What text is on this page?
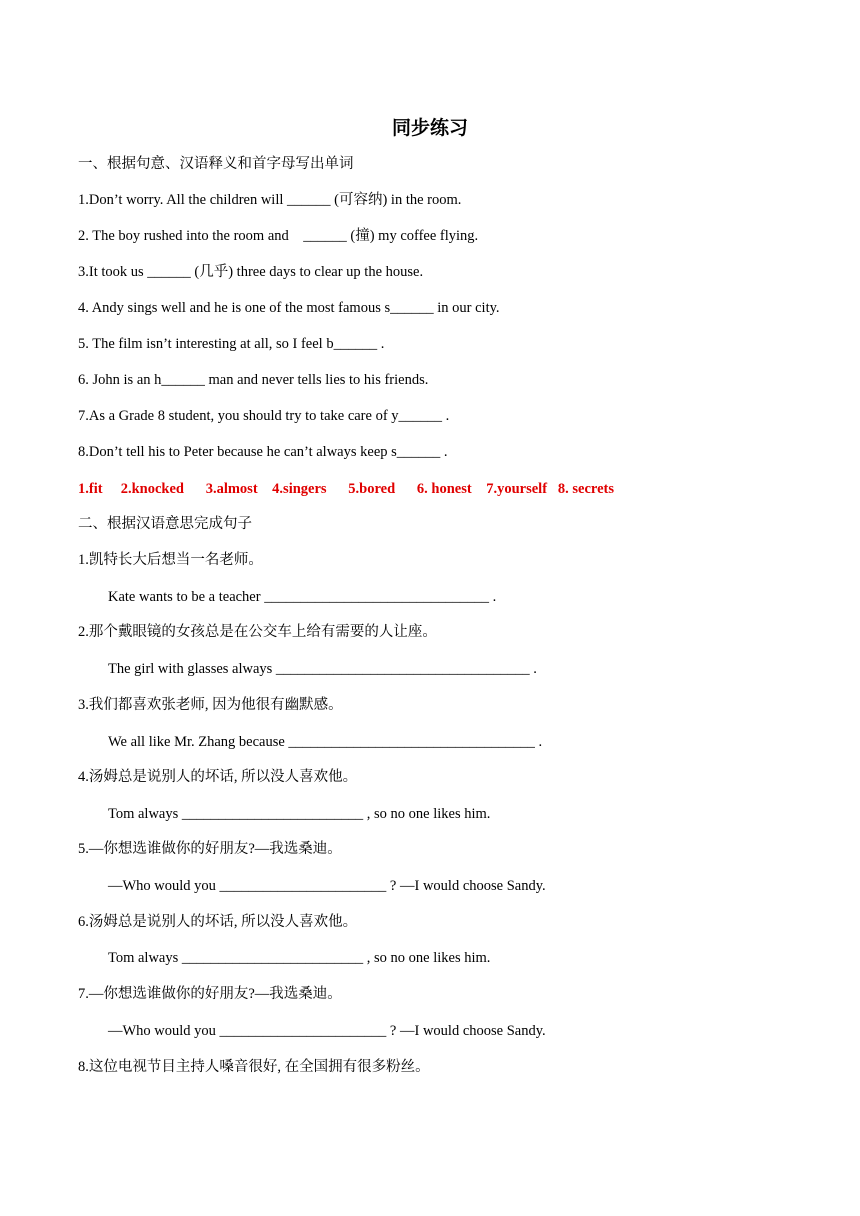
同步练习
一、根据句意、汉语释义和首字母写出单词
1.Don’t worry. All the children will ______ (可容纳) in the room.
2. The boy rushed into the room and    ______ (撞) my coffee flying.
3.It took us ______ (几乎) three days to clear up the house.
4. Andy sings well and he is one of the most famous s______ in our city.
5. The film isn’t interesting at all, so I feel b______ .
6. John is an h______ man and never tells lies to his friends.
7.As a Grade 8 student, you should try to take care of y______ .
8.Don’t tell his to Peter because he can’t always keep s______ .
1.fit 2.knocked 3.almost 4.singers 5.bored 6. honest 7.yourself 8. secrets
二、根据汉语意思完成句子
1.凯特长大后想当一名老师。
Kate wants to be a teacher _______________________________ .
2.那个戴眼镜的女孩总是在公交车上给有需要的人让座。
The girl with glasses always ___________________________________ .
3.我们都喜欢张老师, 因为他很有幽默感。
We all like Mr. Zhang because __________________________________ .
4.汤姆总是说别人的坏话, 所以没人喜欢他。
Tom always _________________________ , so no one likes him.
5.—你想选谁做你的好朋友?—我选桑迪。
—Who would you _______________________ ? —I would choose Sandy.
6.汤姆总是说别人的坏话, 所以没人喜欢他。
Tom always _________________________ , so no one likes him.
7.—你想选谁做你的好朋友?—我选桑迪。
—Who would you _______________________ ? —I would choose Sandy.
8.这位电视节目主持人嗓音很好, 在全国拥有很多粉丝。
